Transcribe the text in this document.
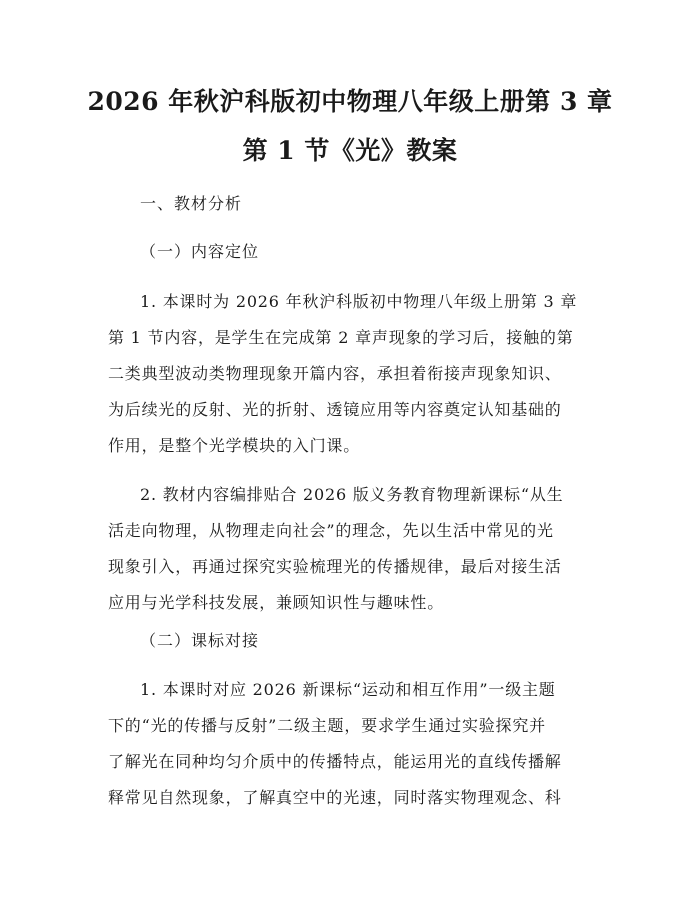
2026 年秋沪科版初中物理八年级上册第 3 章
第 1 节《光》教案
一、教材分析
（一）内容定位
1. 本课时为 2026 年秋沪科版初中物理八年级上册第 3 章
第 1 节内容，是学生在完成第 2 章声现象的学习后，接触的第
二类典型波动类物理现象开篇内容，承担着衔接声现象知识、
为后续光的反射、光的折射、透镜应用等内容奠定认知基础的
作用，是整个光学模块的入门课。
2. 教材内容编排贴合 2026 版义务教育物理新课标“从生
活走向物理，从物理走向社会”的理念，先以生活中常见的光
现象引入，再通过探究实验梳理光的传播规律，最后对接生活
应用与光学科技发展，兼顾知识性与趣味性。
（二）课标对接
1. 本课时对应 2026 新课标“运动和相互作用”一级主题
下的“光的传播与反射”二级主题，要求学生通过实验探究并
了解光在同种均匀介质中的传播特点，能运用光的直线传播解
释常见自然现象，了解真空中的光速，同时落实物理观念、科
